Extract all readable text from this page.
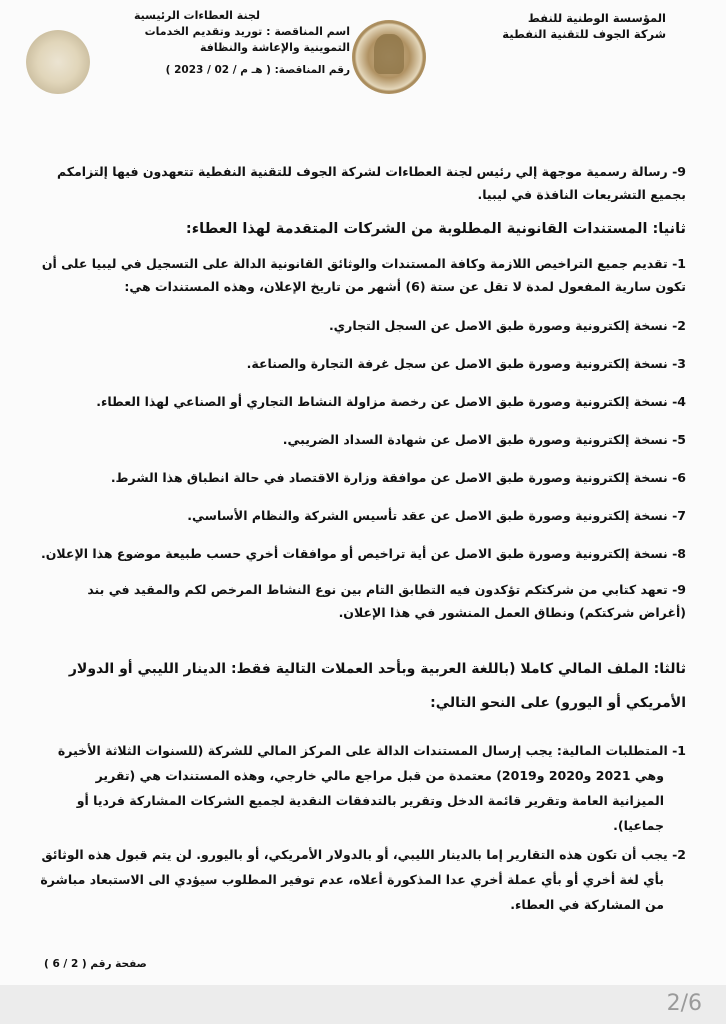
المؤسسة الوطنية للنفط
شركة الجوف للتقنية النفطية
لجنة العطاءات الرئيسية
اسم المناقصة : توريد وتقديم الخدمات التموينية والإعاشة والنظافة
رقم المناقصة: ( هـ م / 02 / 2023 )

9- رسالة رسمية موجهة إلي رئيس لجنة العطاءات لشركة الجوف للتقنية النفطية تتعهدون فيها إلتزامكم بجميع التشريعات النافذة في ليبيا.

ثانيا: المستندات القانونية المطلوبة من الشركات المتقدمة لهذا العطاء:

1- تقديم جميع التراخيص اللازمة وكافة المستندات والوثائق القانونية الدالة على التسجيل في ليبيا على أن تكون سارية المفعول لمدة لا تقل عن ستة (6) أشهر من تاريخ الإعلان، وهذه المستندات هي:

2- نسخة إلكترونية وصورة طبق الاصل عن السجل التجاري.

3- نسخة إلكترونية وصورة طبق الاصل عن سجل غرفة التجارة والصناعة.

4- نسخة إلكترونية وصورة طبق الاصل عن رخصة مزاولة النشاط التجاري أو الصناعي لهذا العطاء.

5- نسخة إلكترونية وصورة طبق الاصل عن شهادة السداد الضريبي.

6- نسخة إلكترونية وصورة طبق الاصل عن موافقة وزارة الاقتصاد في حالة انطباق هذا الشرط.

7- نسخة إلكترونية وصورة طبق الاصل عن عقد تأسيس الشركة والنظام الأساسي.

8- نسخة إلكترونية وصورة طبق الاصل عن أية تراخيص أو موافقات أخري حسب طبيعة موضوع هذا الإعلان.

9- تعهد كتابي من شركتكم تؤكدون فيه التطابق التام بين نوع النشاط المرخص لكم والمقيد في بند (أغراض شركتكم) ونطاق العمل المنشور في هذا الإعلان.

ثالثا: الملف المالي كاملا (باللغة العربية وبأحد العملات التالية فقط: الدينار الليبي أو الدولار الأمريكي أو اليورو) على النحو التالي:

1- المتطلبات المالية: يجب إرسال المستندات الدالة على المركز المالي للشركة (للسنوات الثلاثة الأخيرة وهي 2021 و2020 و2019) معتمدة من قبل مراجع مالي خارجي، وهذه المستندات هي (تقرير الميزانية العامة وتقرير قائمة الدخل وتقرير بالتدفقات النقدية لجميع الشركات المشاركة فرديا أو جماعيا).

2- يجب أن تكون هذه التقارير إما بالدينار الليبي، أو بالدولار الأمريكي، أو باليورو. لن يتم قبول هذه الوثائق بأي لغة أخري أو بأي عملة أخري عدا المذكورة أعلاه، عدم توفير المطلوب سيؤدي الى الاستبعاد مباشرة من المشاركة في العطاء.

صفحة رقم ( 2 / 6 )
2/6
